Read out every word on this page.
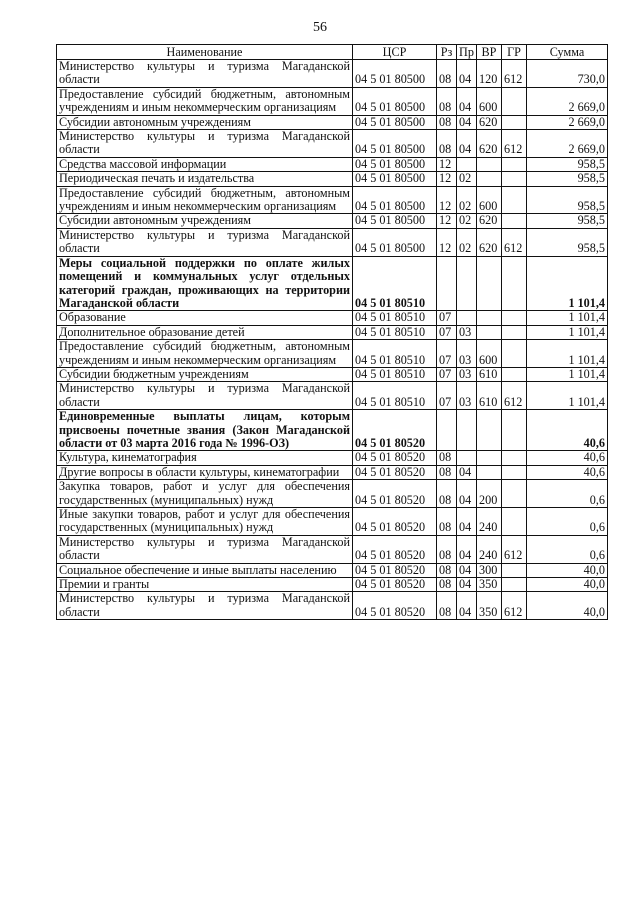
56
Наименование	ЦСР	Рз	Пр	ВР	ГР	Сумма
Министерство культуры и туризма Магаданской области	04 5 01 80500	08	04	120	612	730,0
Предоставление субсидий бюджетным, автономным учреждениям и иным некоммерческим организациям	04 5 01 80500	08	04	600		2 669,0
Субсидии автономным учреждениям	04 5 01 80500	08	04	620		2 669,0
Министерство культуры и туризма Магаданской области	04 5 01 80500	08	04	620	612	2 669,0
Средства массовой информации	04 5 01 80500	12				958,5
Периодическая печать и издательства	04 5 01 80500	12	02			958,5
Предоставление субсидий бюджетным, автономным учреждениям и иным некоммерческим организациям	04 5 01 80500	12	02	600		958,5
Субсидии автономным учреждениям	04 5 01 80500	12	02	620		958,5
Министерство культуры и туризма Магаданской области	04 5 01 80500	12	02	620	612	958,5
Меры социальной поддержки по оплате жилых помещений и коммунальных услуг отдельных категорий граждан, проживающих на территории Магаданской области	04 5 01 80510					1 101,4
Образование	04 5 01 80510	07				1 101,4
Дополнительное образование детей	04 5 01 80510	07	03			1 101,4
Предоставление субсидий бюджетным, автономным учреждениям и иным некоммерческим организациям	04 5 01 80510	07	03	600		1 101,4
Субсидии бюджетным учреждениям	04 5 01 80510	07	03	610		1 101,4
Министерство культуры и туризма Магаданской области	04 5 01 80510	07	03	610	612	1 101,4
Единовременные выплаты лицам, которым присвоены почетные звания (Закон Магаданской области от 03 марта 2016 года № 1996-ОЗ)	04 5 01 80520					40,6
Культура, кинематография	04 5 01 80520	08				40,6
Другие вопросы в области культуры, кинематографии	04 5 01 80520	08	04			40,6
Закупка товаров, работ и услуг для обеспечения государственных (муниципальных) нужд	04 5 01 80520	08	04	200		0,6
Иные закупки товаров, работ и услуг для обеспечения государственных (муниципальных) нужд	04 5 01 80520	08	04	240		0,6
Министерство культуры и туризма Магаданской области	04 5 01 80520	08	04	240	612	0,6
Социальное обеспечение и иные выплаты населению	04 5 01 80520	08	04	300		40,0
Премии и гранты	04 5 01 80520	08	04	350		40,0
Министерство культуры и туризма Магаданской области	04 5 01 80520	08	04	350	612	40,0
